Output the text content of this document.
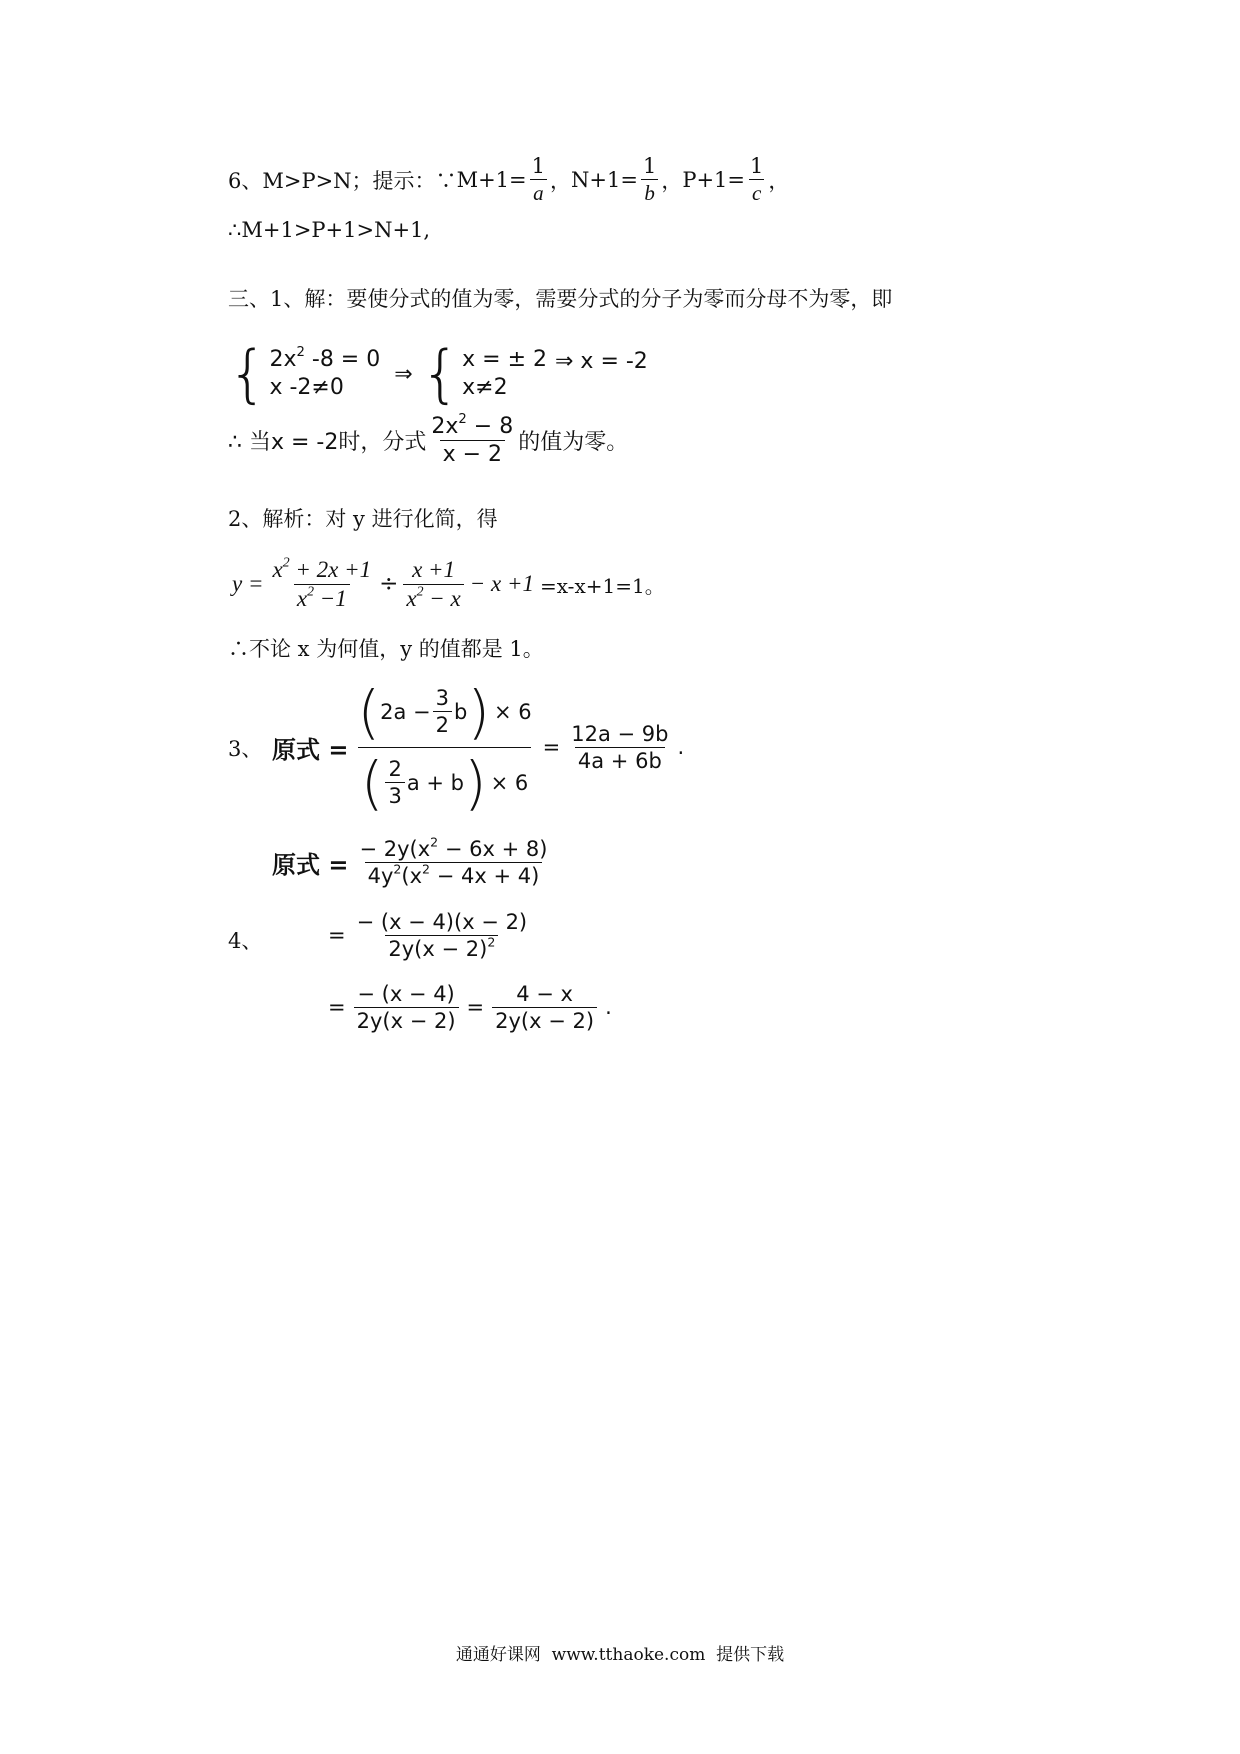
6、M>P>N；提示：∵ $M+1= \frac{1}{a}$ ， $N+1= \frac{1}{b}$ ， $P+1= \frac{1}{c}$ ，
∴M+1>P+1>N+1,
三、1、解：要使分式的值为零，需要分式的分子为零而分母不为零，即
{ $2x^2$ -8 = 0
x -2≠0
⇒ { x = ± 2
x≠2
⇒ x = -2
∴ 当x = -2时，分式 $\frac{2x^2 - 8}{x - 2}$ 的值为零。
2、解析：对 y 进行化简，得
$y = \frac{x^2 + 2x +1}{x^2 -1} \div \frac{x +1}{x^2 - x} - x +1 =x-x+1=1$。
∴不论 x 为何值，y 的值都是 1。
3、 原式 =
( $2a - \frac{3}{2}$ b ) × 6
( $\frac{2}{3}$ a + b ) × 6
= $\frac{12a - 9b}{4a + 6b}$ .
原式 = $\frac{- 2y(x^2 - 6x + 8)}{4y^2(x^2 - 4x + 4)}$
4、	= $\frac{- (x - 4)(x - 2)}{2y(x - 2)^2}$
= $\frac{- (x - 4)}{2y(x - 2)} = \frac{4 - x}{2y(x - 2)}$ .
通通好课网  www.tthaoke.com  提供下载
